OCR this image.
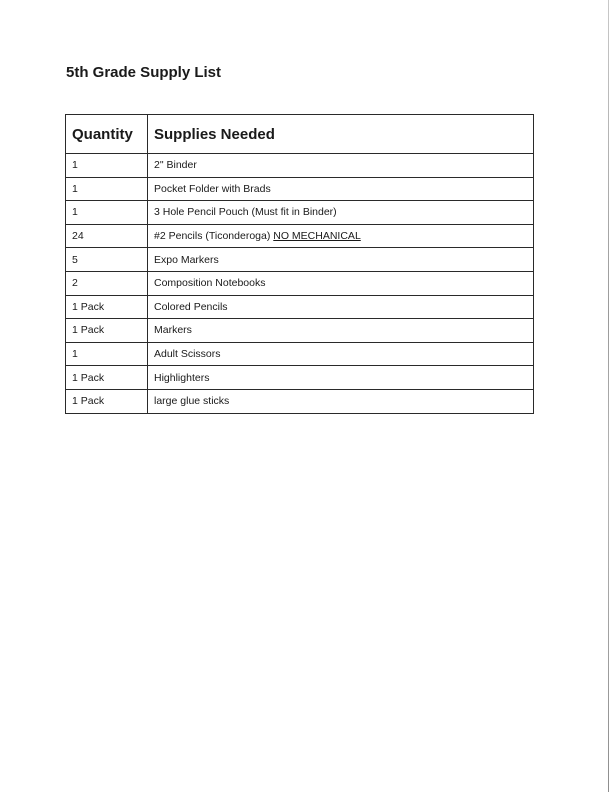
5th Grade Supply List
Quantity	Supplies Needed
1	2" Binder
1	Pocket Folder with Brads
1	3 Hole Pencil Pouch (Must fit in Binder)
24	#2 Pencils (Ticonderoga) NO MECHANICAL
5	Expo Markers
2	Composition Notebooks
1 Pack	Colored Pencils
1 Pack	Markers
1	Adult Scissors
1 Pack	Highlighters
1 Pack	large glue sticks
